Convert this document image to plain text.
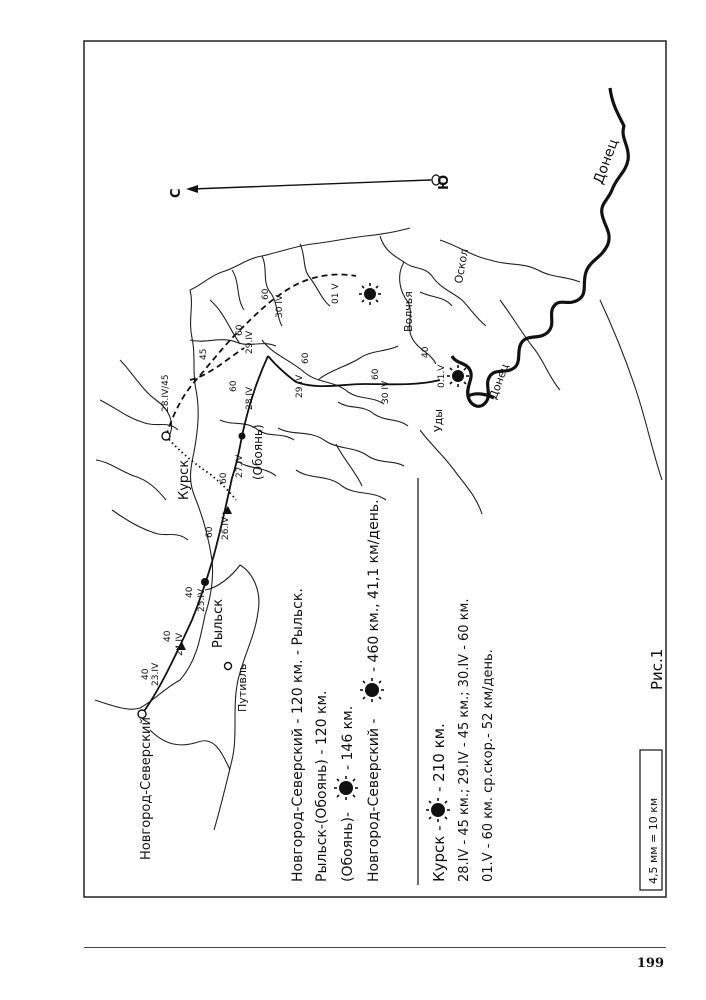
Новгород-Северский
Рыльск
Путивль
Курск	(Обоянь)
Донец
Донец
Оскол
Волчья
Уды
С
Ю
23.IV
40
24.IV
40
25.IV
40
26.IV
60
27.IV
60
28.IV
60	29 IV
60
30 IV
60	0.1.V
40
28.IV/45
45
29.IV
60
30 IV
60	01 V
Новгород-Северский - 120 км. - Рыльск. Рыльск-(Обоянь) - 120 км. (Обоянь)-
- 146 км. Новгород-Северский -
- 460 км., 41,1 км/день.
Курск -
- 210 км. 28.IV - 45 км.; 29.IV - 45 км.; 30.IV - 60 км. 01.V - 60 км. ср.скор.- 52 км/день.	4,5 мм = 10 км
Рис.1
199
